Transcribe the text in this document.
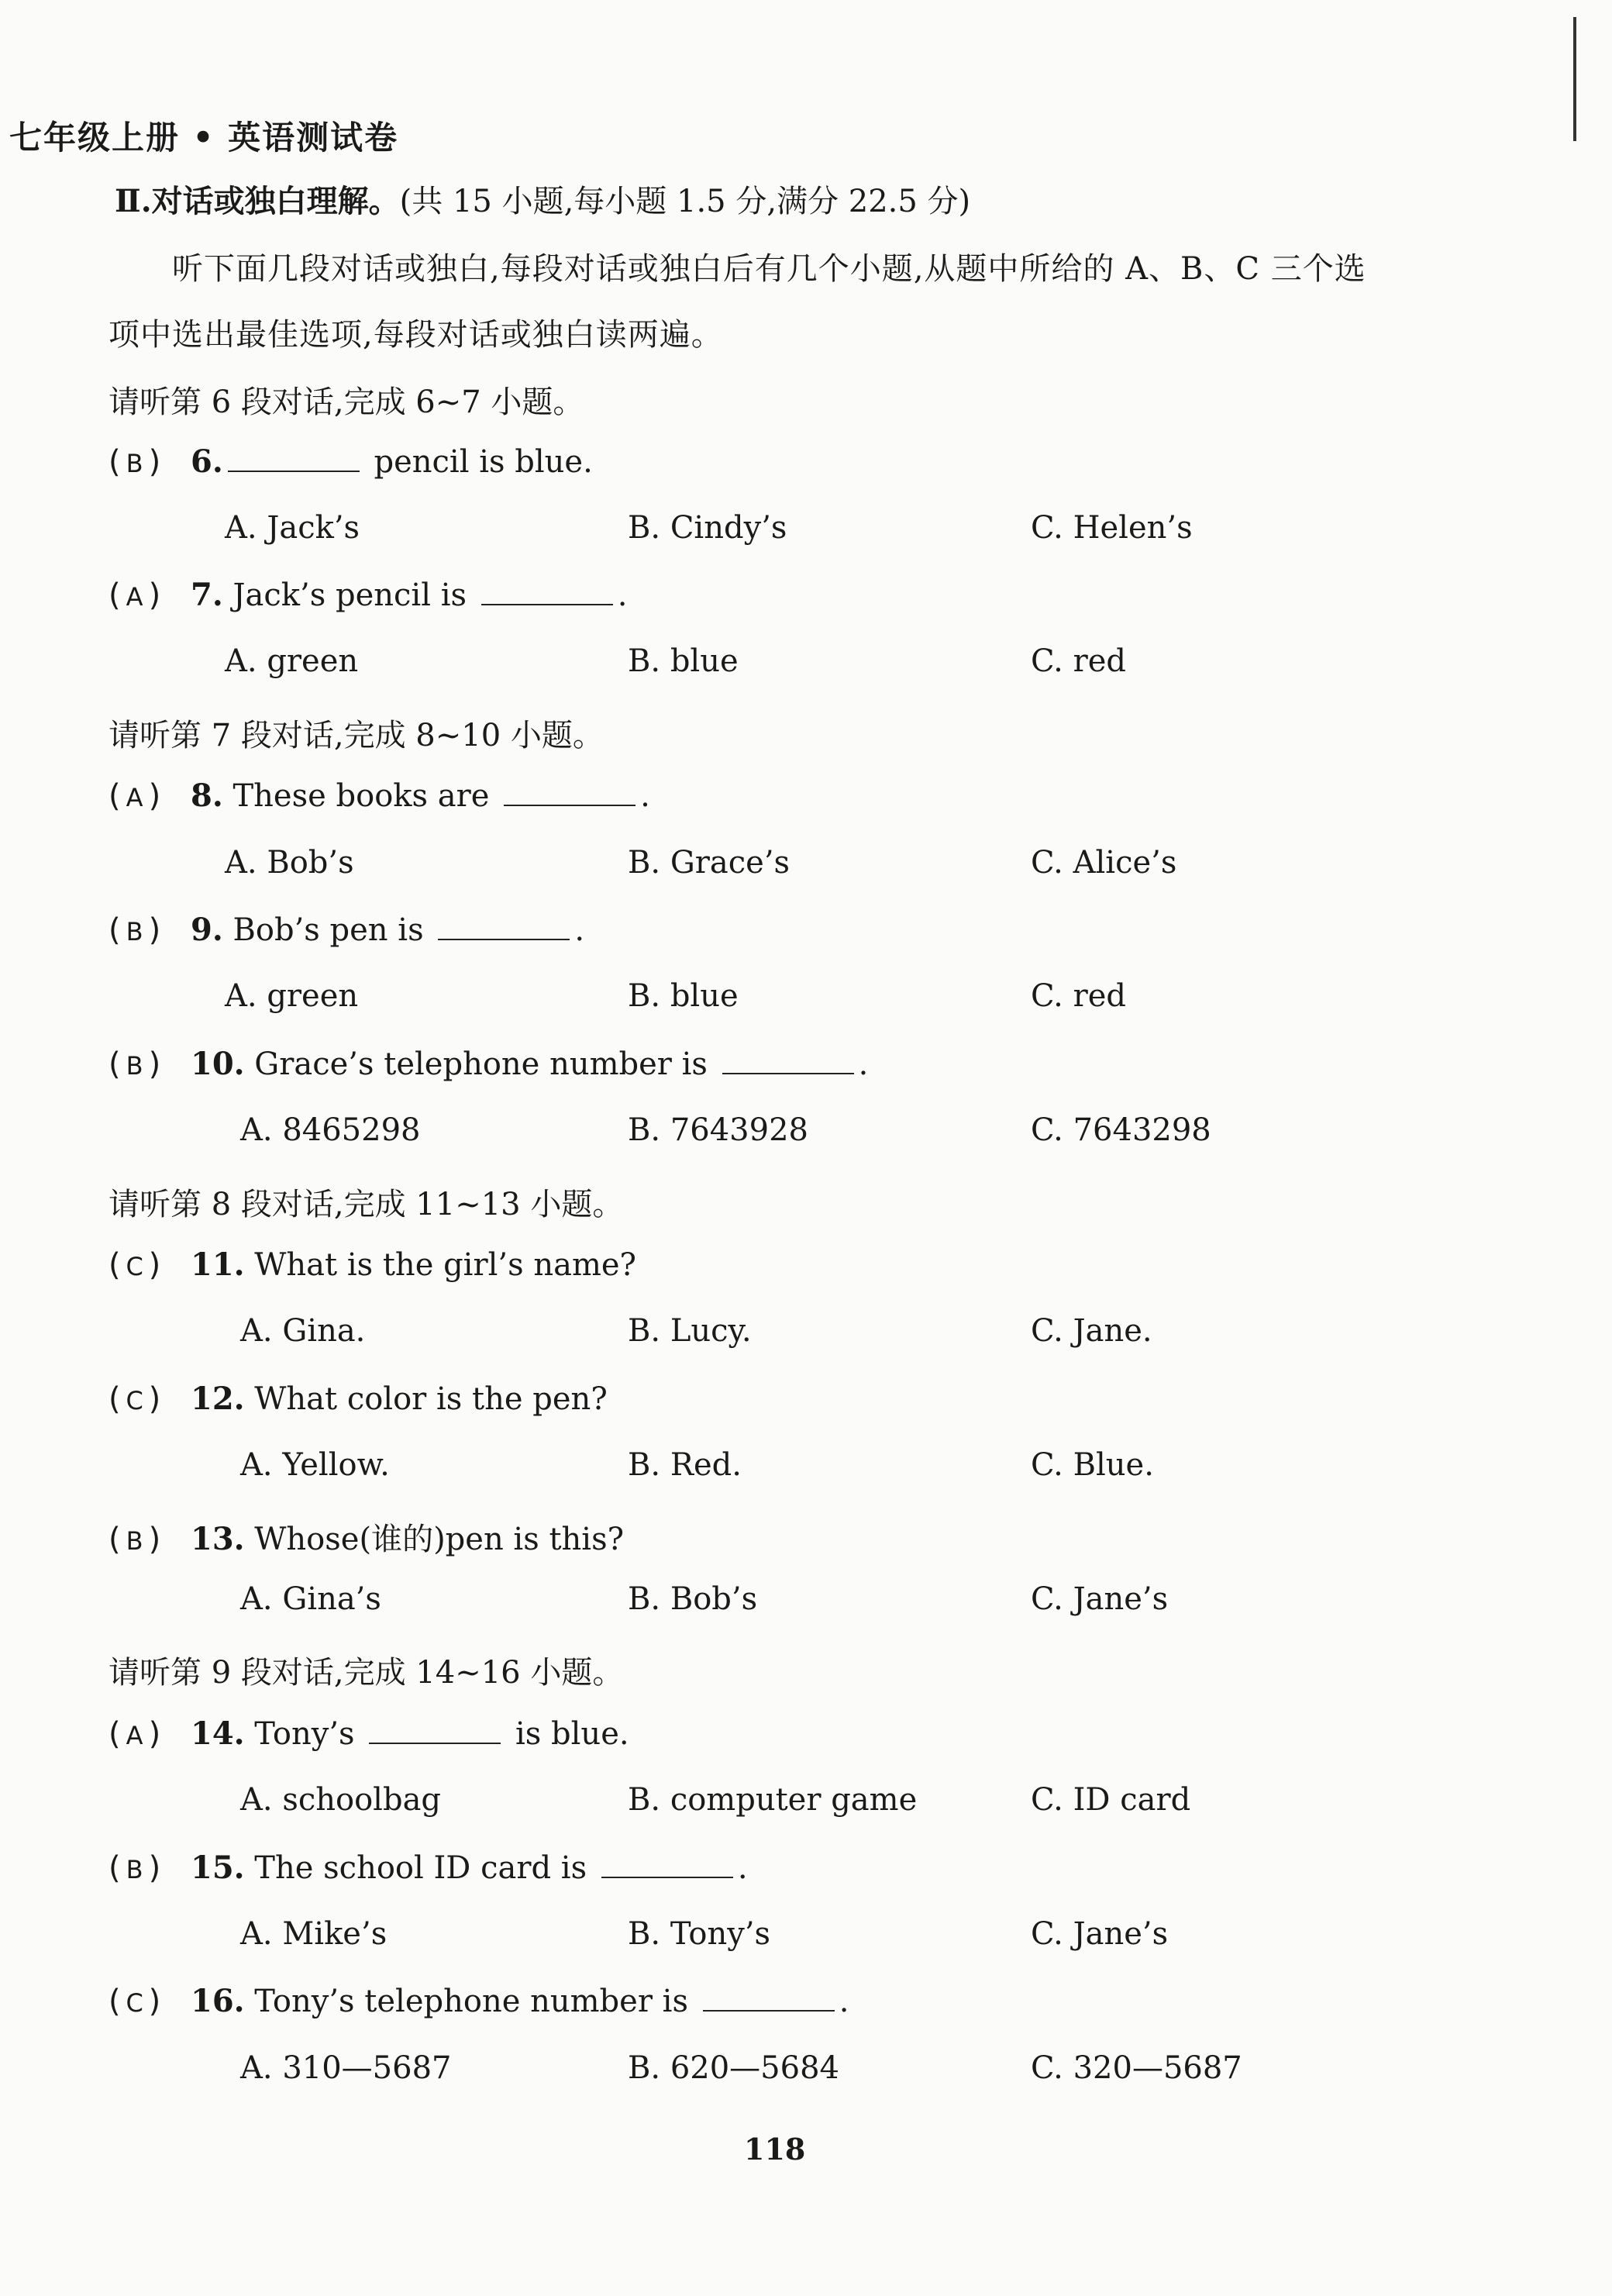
七年级上册 • 英语测试卷
Ⅱ.对话或独白理解。(共 15 小题,每小题 1.5 分,满分 22.5 分)
听下面几段对话或独白,每段对话或独白后有几个小题,从题中所给的 A、B、C 三个选
项中选出最佳选项,每段对话或独白读两遍。
请听第 6 段对话,完成 6~7 小题。
( B ) 6.	pencil is blue.
A. Jack’s	B. Cindy’s	C. Helen’s
( A ) 7. Jack’s pencil is	.
A. green	B. blue	C. red
请听第 7 段对话,完成 8~10 小题。
( A ) 8. These books are	.
A. Bob’s	B. Grace’s	C. Alice’s
( B ) 9. Bob’s pen is	.
A. green	B. blue	C. red
( B ) 10. Grace’s telephone number is	.
A. 8465298	B. 7643928	C. 7643298
请听第 8 段对话,完成 11~13 小题。
( C ) 11. What is the girl’s name?
A. Gina.	B. Lucy.	C. Jane.
( C ) 12. What color is the pen?
A. Yellow.	B. Red.	C. Blue.
( B ) 13. Whose(谁的)pen is this?
A. Gina’s	B. Bob’s	C. Jane’s
请听第 9 段对话,完成 14~16 小题。
( A ) 14. Tony’s	is blue.
A. schoolbag	B. computer game	C. ID card
( B ) 15. The school ID card is	.
A. Mike’s	B. Tony’s	C. Jane’s
( C ) 16. Tony’s telephone number is	.
A. 310—5687	B. 620—5684	C. 320—5687
118
